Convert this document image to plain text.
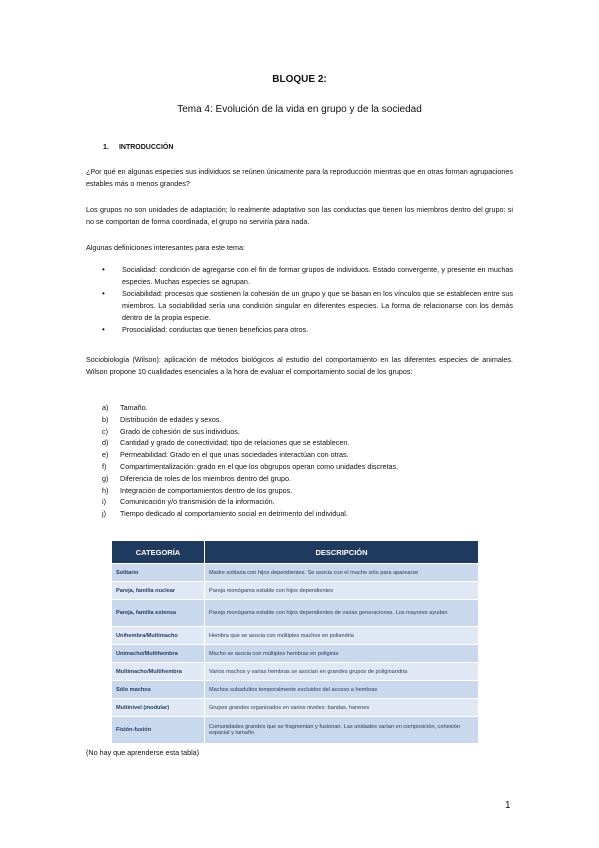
BLOQUE 2:
Tema 4: Evolución de la vida en grupo y de la sociedad
1. INTRODUCCIÓN
¿Por qué en algunas especies sus individuos se reúnen únicamente para la reproducción mientras que en otras forman agrupaciones estables más o menos grandes?
Los grupos no son unidades de adaptación; lo realmente adaptativo son las conductas que tienen los miembros dentro del grupo: si no se comportan de forma coordinada, el grupo no serviría para nada.
Algunas definiciones interesantes para este tema:
• Socialidad: condición de agregarse con el fin de formar grupos de individuos. Estado convergente, y presente en muchas especies. Muchas especies se agrupan.
• Sociabilidad: procesos que sostienen la cohesión de un grupo y que se basan en los vínculos que se establecen entre sus miembros. La sociabilidad sería una condición singular en diferentes especies. La forma de relacionarse con los demás dentro de la propia especie.
• Prosocialidad: conductas que tienen beneficios para otros.
Sociobiología (Wilson): aplicación de métodos biológicos al estudio del comportamiento en las diferentes especies de animales. Wilson propone 10 cualidades esenciales a la hora de evaluar el comportamiento social de los grupos:
a) Tamaño.
b) Distribución de edades y sexos.
c) Grado de cohesión de sus individuos.
d) Cantidad y grado de conectividad; tipo de relaciones que se establecen.
e) Permeabilidad: Grado en el que unas sociedades interactúan con otras.
f) Compartimentalización: grado en el que los obgrupos operan como unidades discretas.
g) Diferencia de roles de los miembros dentro del grupo.
h) Integración de comportamientos dentro de los grupos.
i) Comunicación y/o transmisión de la información.
j) Tiempo dedicado al comportamiento social en detrimento del individual.
CATEGORÍA	DESCRIPCIÓN
Solitario	Madre solitaria con hijos dependientes. Se asocia con el macho sólo para aparearse
Pareja, familia nuclear	Pareja monógama estable con hijos dependientes
Pareja, familia extensa	Pareja monógama estable con hijos dependientes de varias generaciones. Los mayores ayudan
Unihembra/Multimacho	Hembra que se asocia con múltiples machos en poliandria
Unimacho/Multihembra	Macho se asocia con múltiples hembras en poliginia
Multimacho/Multihembra	Varios machos y varias hembras se asocian en grandes grupos de poliginandria
Sólo machos	Machos subadultos temporalmente excluidos del acceso a hembras
Multinivel (modular)	Grupos grandes organizados en varios niveles: bandas, harenes
Fisión-fusión	Comunidades grandes que se fragmentan y fusionan. Las unidades varían en composición, cohesión espacial y tamaño
(No hay que aprenderse esta tabla)
1
